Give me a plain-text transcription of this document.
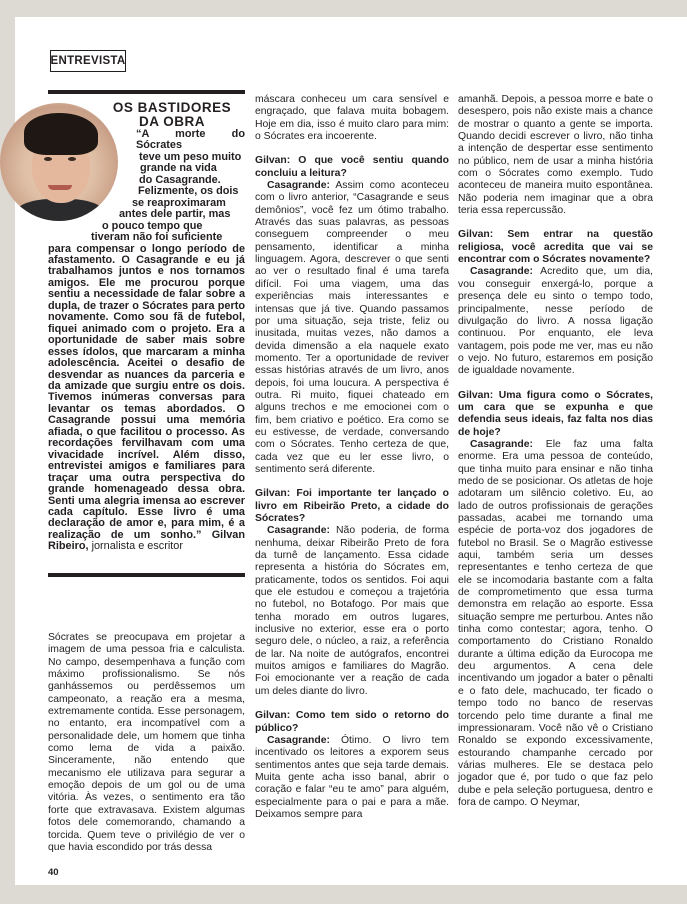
ENTREVISTA
OS BASTIDORES
DA OBRA
“A morte do Sócrates
teve um peso muito
grande na vida
do Casagrande.
Felizmente, os dois
se reaproximaram
antes dele partir, mas
o pouco tempo que
tiveram não foi suficiente
para compensar o longo período de afastamento. O Casagrande e eu já trabalhamos juntos e nos tornamos amigos. Ele me procurou porque sentiu a necessidade de falar sobre a dupla, de trazer o Sócrates para perto novamente. Como sou fã de futebol, fiquei animado com o projeto. Era a oportunidade de saber mais sobre esses ídolos, que marcaram a minha adolescência. Aceitei o desafio de desvendar as nuances da parceria e da amizade que surgiu entre os dois. Tivemos inúmeras conversas para levantar os temas abordados. O Casagrande possui uma memória afiada, o que facilitou o processo. As recordações fervilhavam com uma vivacidade incrível. Além disso, entrevistei amigos e familiares para traçar uma outra perspectiva do grande homenageado dessa obra. Senti uma alegria imensa ao escrever cada capítulo. Esse livro é uma declaração de amor e, para mim, é a realização de um sonho.” Gilvan Ribeiro, jornalista e escritor

Sócrates se preocupava em projetar a imagem de uma pessoa fria e calculista. No campo, desempenhava a função com máximo profissionalismo. Se nós ganhássemos ou perdêssemos um campeonato, a reação era a mesma, extremamente contida. Esse personagem, no entanto, era incompatível com a personalidade dele, um homem que tinha como lema de vida a paixão. Sinceramente, não entendo que mecanismo ele utilizava para segurar a emoção depois de um gol ou de uma vitória. Às vezes, o sentimento era tão forte que extravasava. Existem algumas fotos dele comemorando, chamando a torcida. Quem teve o privilégio de ver o que havia escondido por trás dessa

máscara conheceu um cara sensível e engraçado, que falava muita bobagem. Hoje em dia, isso é muito claro para mim: o Sócrates era incoerente.

Gilvan: O que você sentiu quando concluiu a leitura?

Casagrande: Assim como aconteceu com o livro anterior, “Casagrande e seus demônios”, você fez um ótimo trabalho. Através das suas palavras, as pessoas conseguem compreender o meu pensamento, identificar a minha linguagem. Agora, descrever o que senti ao ver o resultado final é uma tarefa difícil. Foi uma viagem, uma das experiências mais interessantes e intensas que já tive. Quando passamos por uma situação, seja triste, feliz ou inusitada, muitas vezes, não damos a devida dimensão a ela naquele exato momento. Ter a oportunidade de reviver essas histórias através de um livro, anos depois, foi uma loucura. A perspectiva é outra. Ri muito, fiquei chateado em alguns trechos e me emocionei com o fim, bem criativo e poético. Era como se eu estivesse, de verdade, conversando com o Sócrates. Tenho certeza de que, cada vez que eu ler esse livro, o sentimento será diferente.

Gilvan: Foi importante ter lançado o livro em Ribeirão Preto, a cidade do Sócrates?

Casagrande: Não poderia, de forma nenhuma, deixar Ribeirão Preto de fora da turnê de lançamento. Essa cidade representa a história do Sócrates em, praticamente, todos os sentidos. Foi aqui que ele estudou e começou a trajetória no futebol, no Botafogo. Por mais que tenha morado em outros lugares, inclusive no exterior, esse era o porto seguro dele, o núcleo, a raiz, a referência de lar. Na noite de autógrafos, encontrei muitos amigos e familiares do Magrão. Foi emocionante ver a reação de cada um deles diante do livro.

Gilvan: Como tem sido o retorno do público?

Casagrande: Ótimo. O livro tem incentivado os leitores a exporem seus sentimentos antes que seja tarde demais. Muita gente acha isso banal, abrir o coração e falar “eu te amo” para alguém, especialmente para o pai e para a mãe. Deixamos sempre para

amanhã. Depois, a pessoa morre e bate o desespero, pois não existe mais a chance de mostrar o quanto a gente se importa. Quando decidi escrever o livro, não tinha a intenção de despertar esse sentimento no público, nem de usar a minha história com o Sócrates como exemplo. Tudo aconteceu de maneira muito espontânea. Não poderia nem imaginar que a obra teria essa repercussão.

Gilvan: Sem entrar na questão religiosa, você acredita que vai se encontrar com o Sócrates novamente?

Casagrande: Acredito que, um dia, vou conseguir enxergá-lo, porque a presença dele eu sinto o tempo todo, principalmente, nesse período de divulgação do livro. A nossa ligação continuou. Por enquanto, ele leva vantagem, pois pode me ver, mas eu não o vejo. No futuro, estaremos em posição de igualdade novamente.

Gilvan: Uma figura como o Sócrates, um cara que se expunha e que defendia seus ideais, faz falta nos dias de hoje?

Casagrande: Ele faz uma falta enorme. Era uma pessoa de conteúdo, que tinha muito para ensinar e não tinha medo de se posicionar. Os atletas de hoje adotaram um silêncio coletivo. Eu, ao lado de outros profissionais de gerações passadas, acabei me tornando uma espécie de porta-voz dos jogadores de futebol no Brasil. Se o Magrão estivesse aqui, também seria um desses representantes e tenho certeza de que ele se incomodaria bastante com a falta de comprometimento que essa turma demonstra em relação ao esporte. Essa situação sempre me perturbou. Antes não tinha como contestar; agora, tenho. O comportamento do Cristiano Ronaldo durante a última edição da Eurocopa me deu argumentos. A cena dele incentivando um jogador a bater o pênalti e o fato dele, machucado, ter ficado o tempo todo no banco de reservas torcendo pelo time durante a final me impressionaram. Você não vê o Cristiano Ronaldo se expondo excessivamente, estourando champanhe cercado por várias mulheres. Ele se destaca pelo jogador que é, por tudo o que faz pelo dube e pela seleção portuguesa, dentro e fora de campo. O Neymar,

40
